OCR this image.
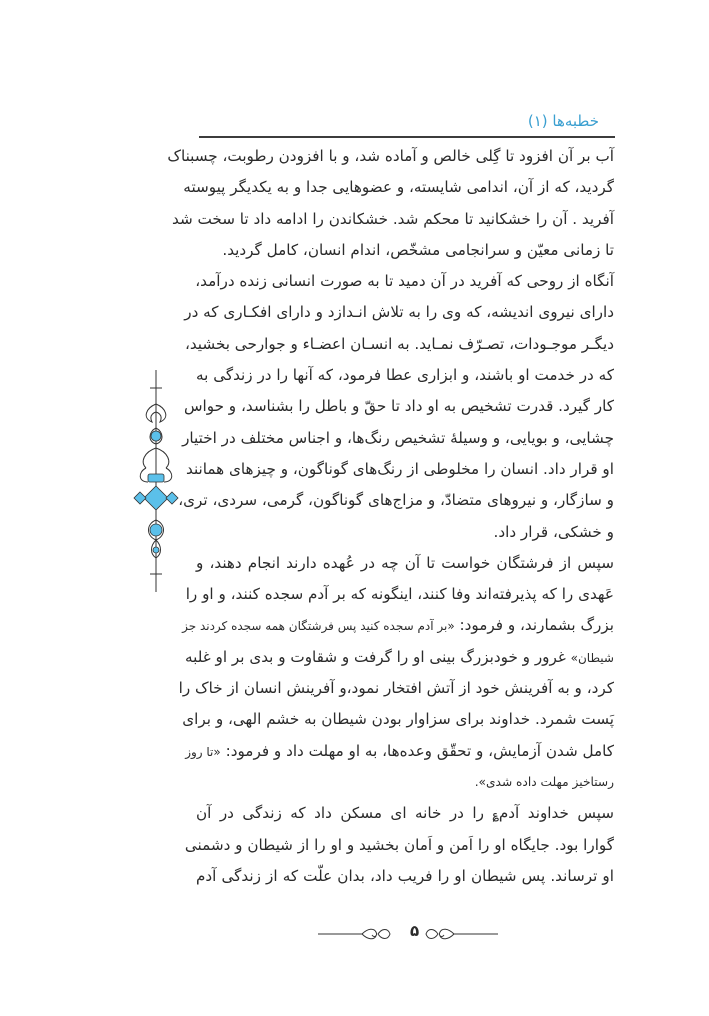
خطبه‌ها (١)
آب بر آن افزود تا گِلی خالص و آماده شد، و با افزودن رطوبت، چسبناک
گردید، که از آن، اندامی شایسته، و عضوهایی جدا و به یکدیگر پیوسته
آفرید . آن را خشکانید تا محکم شد. خشکاندن را ادامه داد تا سخت شد
تا زمانی معیّن و سرانجامی مشخّص، اندام انسان، کامل گردید.
آنگاه از روحی که آفرید در آن دمید تا به صورت انسانی زنده درآمد،
دارای نیروی اندیشه، که وی را به تلاش انـدازد و دارای افکـاری که در
دیگـر موجـودات، تصـرّف نمـاید. به انسـان اعضـاء و جوارحی بخشید،
که در خدمت او باشند، و ابزاری عطا فرمود، که آنها را در زندگی به
کار گیرد. قدرت تشخیص به او داد تا حقّ و باطل را بشناسد، و حواس
چشایی، و بویایی، و وسیلهٔ تشخیص رنگ‌ها، و اجناس مختلف در اختیار
او قرار داد. انسان را مخلوطی از رنگ‌های گوناگون، و چیزهای همانند
و سازگار، و نیروهای متضادّ، و مزاج‌های گوناگون، گرمی، سردی، تری،
و خشکی، قرار داد.
سپس از فرشتگان خواست تا آن چه در عُهده دارند انجام دهند، و
عَهدی را که پذیرفته‌اند وفا کنند، اینگونه که بر آدم سجده کنند، و او را
بزرگ بشمارند، و فرمود: «بر آدم سجده کنید پس فرشتگان همه سجده کردند جز
شیطان» غرور و خودبزرگ بینی او را گرفت و شقاوت و بدی بر او غلبه
کرد، و به آفرینش خود از آتش افتخار نمود،و آفرینش انسان از خاک را
پَست شمرد. خداوند برای سزاوار بودن شیطان به خشم الهی، و برای
کامل شدن آزمایش، و تحقّق وعده‌ها، به او مهلت داد و فرمود: «تا روز
رستاخیز مهلت داده شدی».
سپس خداوند آدم؏ را در خانه ای مسکن داد که زندگی در آن
گوارا بود. جایگاه او را اَمن و اَمان بخشید و او را از شیطان و دشمنی
او ترساند. پس شیطان او را فریب داد، بدان علّت که از زندگی آدم
۵
